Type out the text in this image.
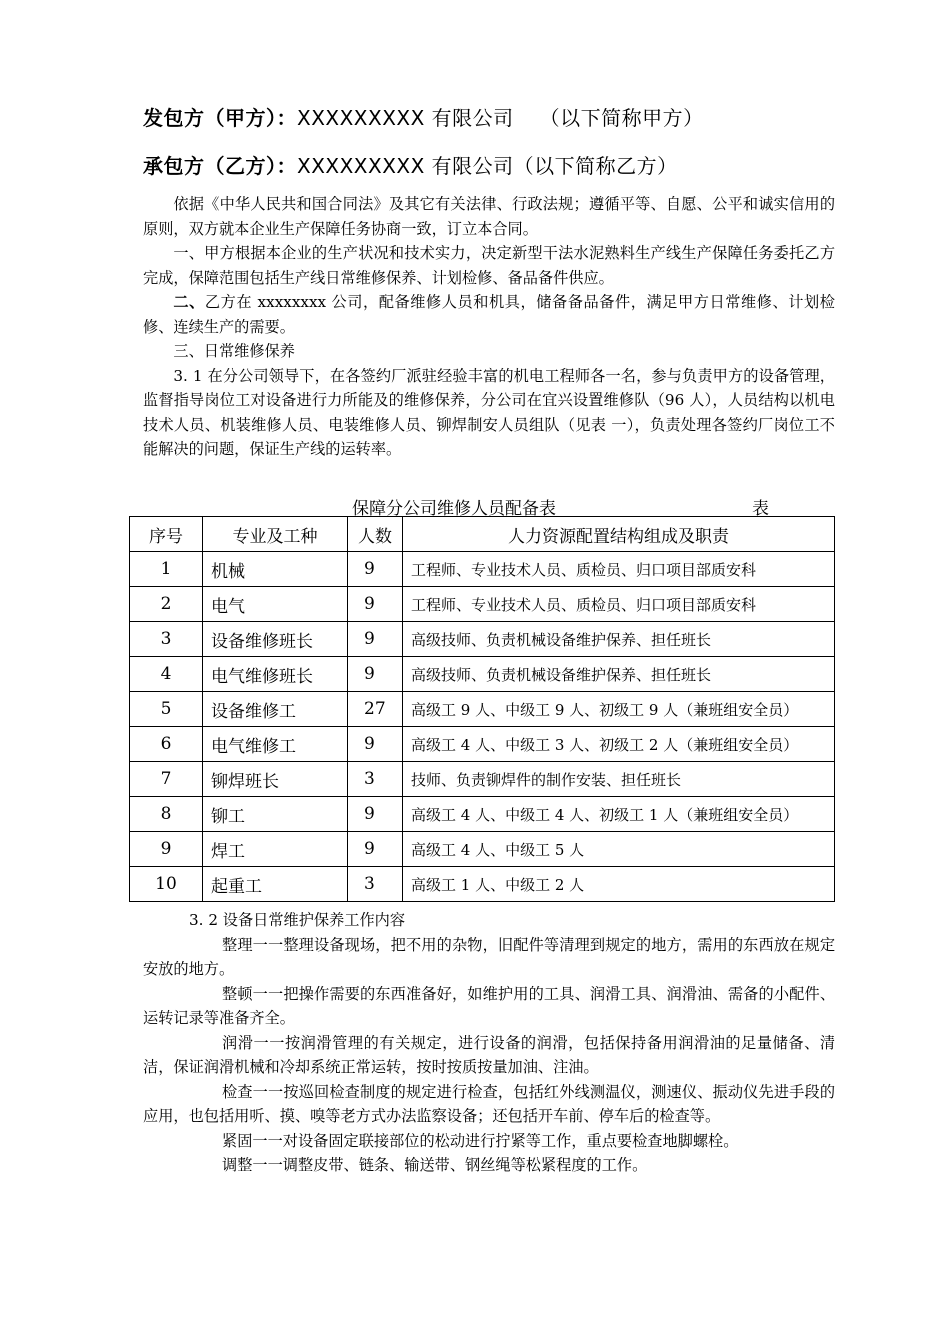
发包方（甲方）：XXXXXXXXX 有限公司 （以下简称甲方）
承包方（乙方）：XXXXXXXXX 有限公司（以下简称乙方）

依据《中华人民共和国合同法》及其它有关法律、行政法规；遵循平等、自愿、公平和诚实信用的原则，双方就本企业生产保障任务协商一致，订立本合同。

一、甲方根据本企业的生产状况和技术实力，决定新型干法水泥熟料生产线生产保障任务委托乙方完成，保障范围包括生产线日常维修保养、计划检修、备品备件供应。

二、乙方在 xxxxxxxx 公司，配备维修人员和机具，储备备品备件，满足甲方日常维修、计划检修、连续生产的需要。

三、日常维修保养

3. 1 在分公司领导下，在各签约厂派驻经验丰富的机电工程师各一名，参与负责甲方的设备管理，监督指导岗位工对设备进行力所能及的维修保养，分公司在宜兴设置维修队（96 人），人员结构以机电技术人员、机装维修人员、电装维修人员、铆焊制安人员组队（见表 一），负责处理各签约厂岗位工不能解决的问题，保证生产线的运转率。

保障分公司维修人员配备表	表
序号	专业及工种	人数	人力资源配置结构组成及职责
1	机械	9	工程师、专业技术人员、质检员、归口项目部质安科
2	电气	9	工程师、专业技术人员、质检员、归口项目部质安科
3	设备维修班长	9	高级技师、负责机械设备维护保养、担任班长
4	电气维修班长	9	高级技师、负责机械设备维护保养、担任班长
5	设备维修工	27	高级工 9 人、中级工 9 人、初级工 9 人（兼班组安全员）
6	电气维修工	9	高级工 4 人、中级工 3 人、初级工 2 人（兼班组安全员）
7	铆焊班长	3	技师、负责铆焊件的制作安装、担任班长
8	铆工	9	高级工 4 人、中级工 4 人、初级工 1 人（兼班组安全员）
9	焊工	9	高级工 4 人、中级工 5 人
10	起重工	3	高级工 1 人、中级工 2 人

3. 2 设备日常维护保养工作内容

整理一一整理设备现场，把不用的杂物，旧配件等清理到规定的地方，需用的东西放在规定安放的地方。

整顿一一把操作需要的东西准备好，如维护用的工具、润滑工具、润滑油、需备的小配件、运转记录等准备齐全。

润滑一一按润滑管理的有关规定，进行设备的润滑，包括保持备用润滑油的足量储备、清洁，保证润滑机械和冷却系统正常运转，按时按质按量加油、注油。

检查一一按巡回检查制度的规定进行检查，包括红外线测温仪，测速仪、振动仪先进手段的应用，也包括用听、摸、嗅等老方式办法监察设备；还包括开车前、停车后的检查等。

紧固一一对设备固定联接部位的松动进行拧紧等工作，重点要检查地脚螺栓。

调整一一调整皮带、链条、输送带、钢丝绳等松紧程度的工作。
